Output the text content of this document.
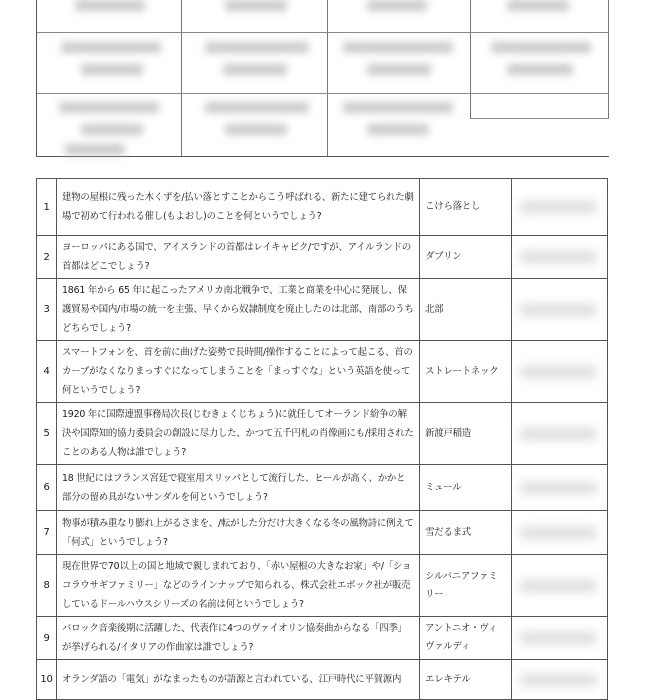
1	建物の屋根に残った木くずを/払い落とすことからこう呼ばれる、新たに建てられた劇場で初めて行われる催し(もよおし)のことを何というでしょう?	こけら落とし	

2	ヨーロッパにある国で、アイスランドの首都はレイキャビク/ですが、アイルランドの首都はどこでしょう?	ダブリン	

3	1861 年から 65 年に起こったアメリカ南北戦争で、工業と商業を中心に発展し、保護貿易や国内/市場の統一を主張、早くから奴隷制度を廃止したのは北部、南部のうちどちらでしょう?	北部	

4	スマートフォンを、首を前に曲げた姿勢で長時間/操作することによって起こる、首のカーブがなくなりまっすぐになってしまうことを「まっすぐな」という英語を使って何というでしょう?	ストレートネック	

5	1920 年に国際連盟事務局次長(じむきょくじちょう)に就任してオーランド紛争の解決や国際知的協力委員会の創設に尽力した、かつて五千円札の肖像画にも/採用されたことのある人物は誰でしょう?	新渡戸稲造	

6	18 世紀にはフランス宮廷で寝室用スリッパとして流行した、ヒールが高く、かかと部分の留め具がないサンダルを何というでしょう?	ミュール	

7	物事が積み重なり膨れ上がるさまを、/転がした分だけ大きくなる冬の風物詩に例えて「何式」というでしょう?	雪だるま式	

8	現在世界で70以上の国と地域で親しまれており、「赤い屋根の大きなお家」や/「ショコラウサギファミリー」などのラインナップで知られる、株式会社エポック社が販売しているドールハウスシリーズの名前は何というでしょう?	シルバニアファミリー	

9	バロック音楽後期に活躍した、代表作に4つのヴァイオリン協奏曲からなる「四季」が挙げられる/イタリアの作曲家は誰でしょう?	アントニオ・ヴィヴァルディ	

10	オランダ語の「電気」がなまったものが語源と言われている、江戸時代に平賀源内	エレキテル	
